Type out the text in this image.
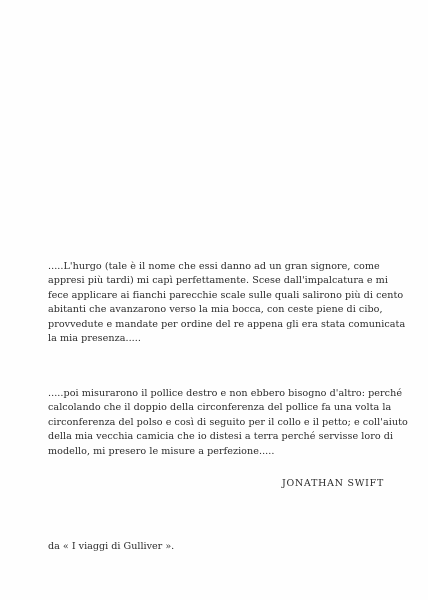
.....L'hurgo (tale è il nome che essi danno ad un gran signore, come
appresi più tardi) mi capì perfettamente. Scese dall'impalcatura e mi
fece applicare ai fianchi parecchie scale sulle quali salirono più di cento
abitanti che avanzarono verso la mia bocca, con ceste piene di cibo,
provvedute e mandate per ordine del re appena gli era stata comunicata
la mia presenza.....

.....poi misurarono il pollice destro e non ebbero bisogno d'altro: perché
calcolando che il doppio della circonferenza del pollice fa una volta la
circonferenza del polso e così di seguito per il collo e il petto; e coll'aiuto
della mia vecchia camicia che io distesi a terra perché servisse loro di
modello, mi presero le misure a perfezione.....

JONATHAN SWIFT
da « I viaggi di Gulliver ».
